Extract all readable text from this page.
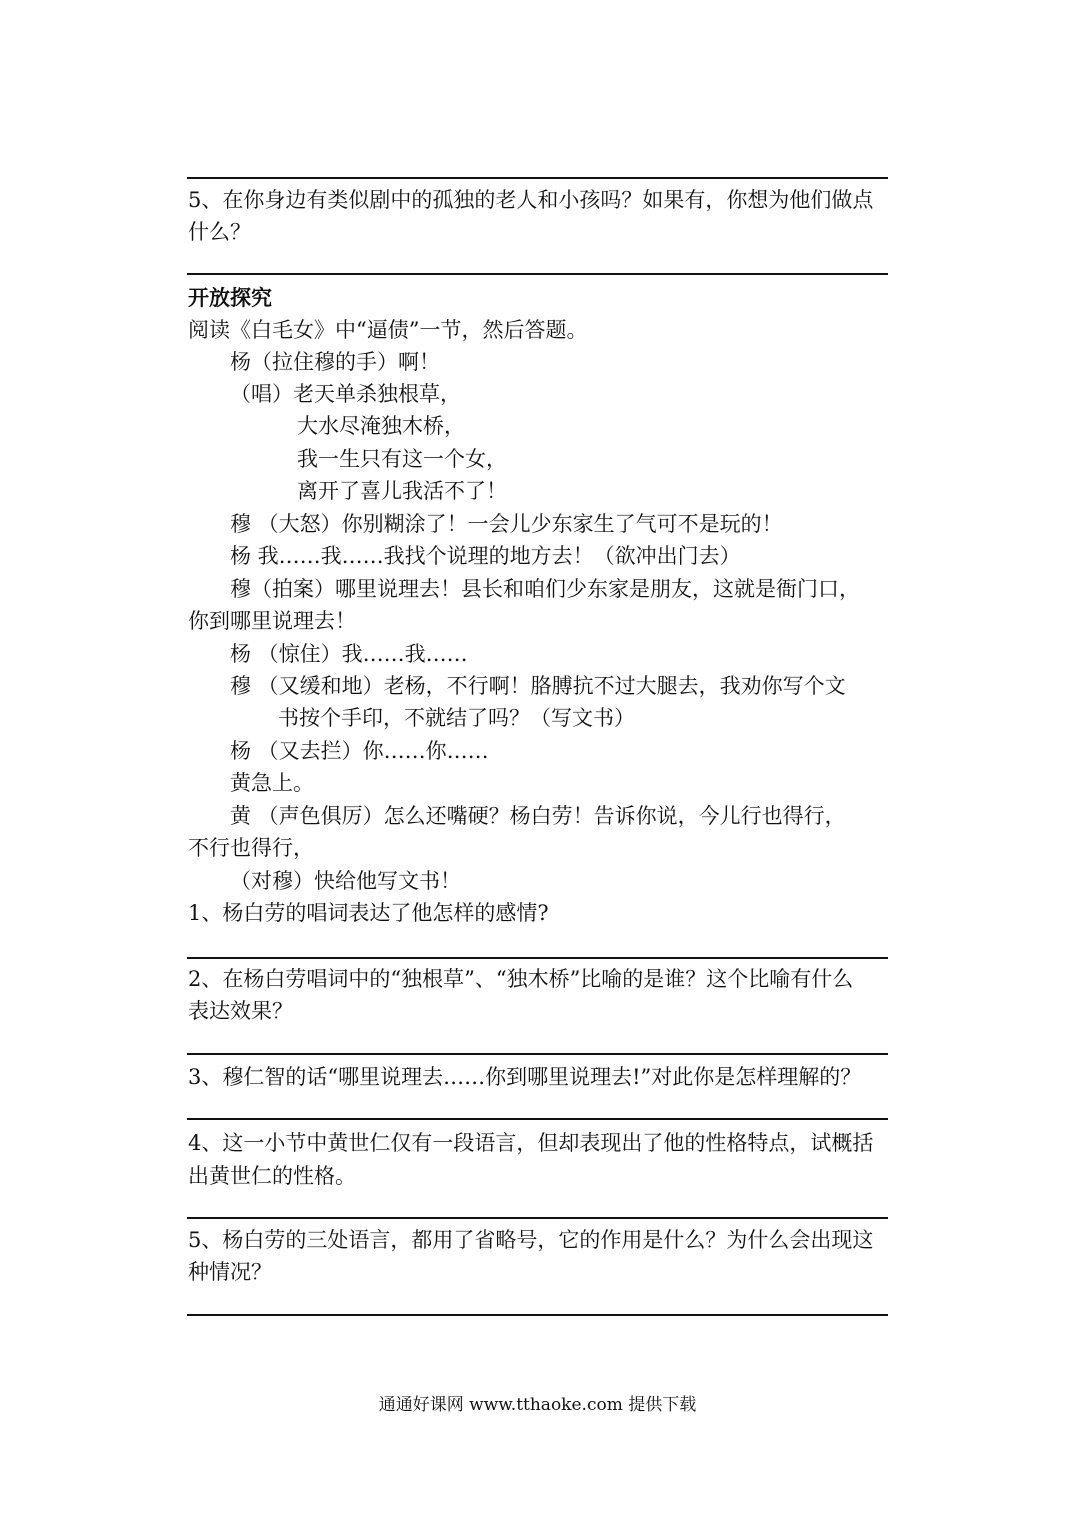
5、在你身边有类似剧中的孤独的老人和小孩吗？如果有，你想为他们做点
什么？
开放探究
阅读《白毛女》中“逼债”一节，然后答题。
杨（拉住穆的手）啊！
（唱）老天单杀独根草，
大水尽淹独木桥，
我一生只有这一个女，
离开了喜儿我活不了！
穆 （大怒）你别糊涂了！一会儿少东家生了气可不是玩的！
杨 我……我……我找个说理的地方去！（欲冲出门去）
穆（拍案）哪里说理去！县长和咱们少东家是朋友，这就是衙门口，
你到哪里说理去！
杨 （惊住）我……我……
穆 （又缓和地）老杨，不行啊！胳膊抗不过大腿去，我劝你写个文
书按个手印，不就结了吗？（写文书）
杨 （又去拦）你……你……
黄急上。
黄 （声色俱厉）怎么还嘴硬？杨白劳！告诉你说，今儿行也得行，
不行也得行，
（对穆）快给他写文书！
1、杨白劳的唱词表达了他怎样的感情?
2、在杨白劳唱词中的“独根草”、“独木桥”比喻的是谁？这个比喻有什么
表达效果？
3、穆仁智的话“哪里说理去……你到哪里说理去!”对此你是怎样理解的？
4、这一小节中黄世仁仅有一段语言，但却表现出了他的性格特点，试概括
出黄世仁的性格。
5、杨白劳的三处语言，都用了省略号，它的作用是什么？为什么会出现这
种情况？
通通好课网 www.tthaoke.com 提供下载
